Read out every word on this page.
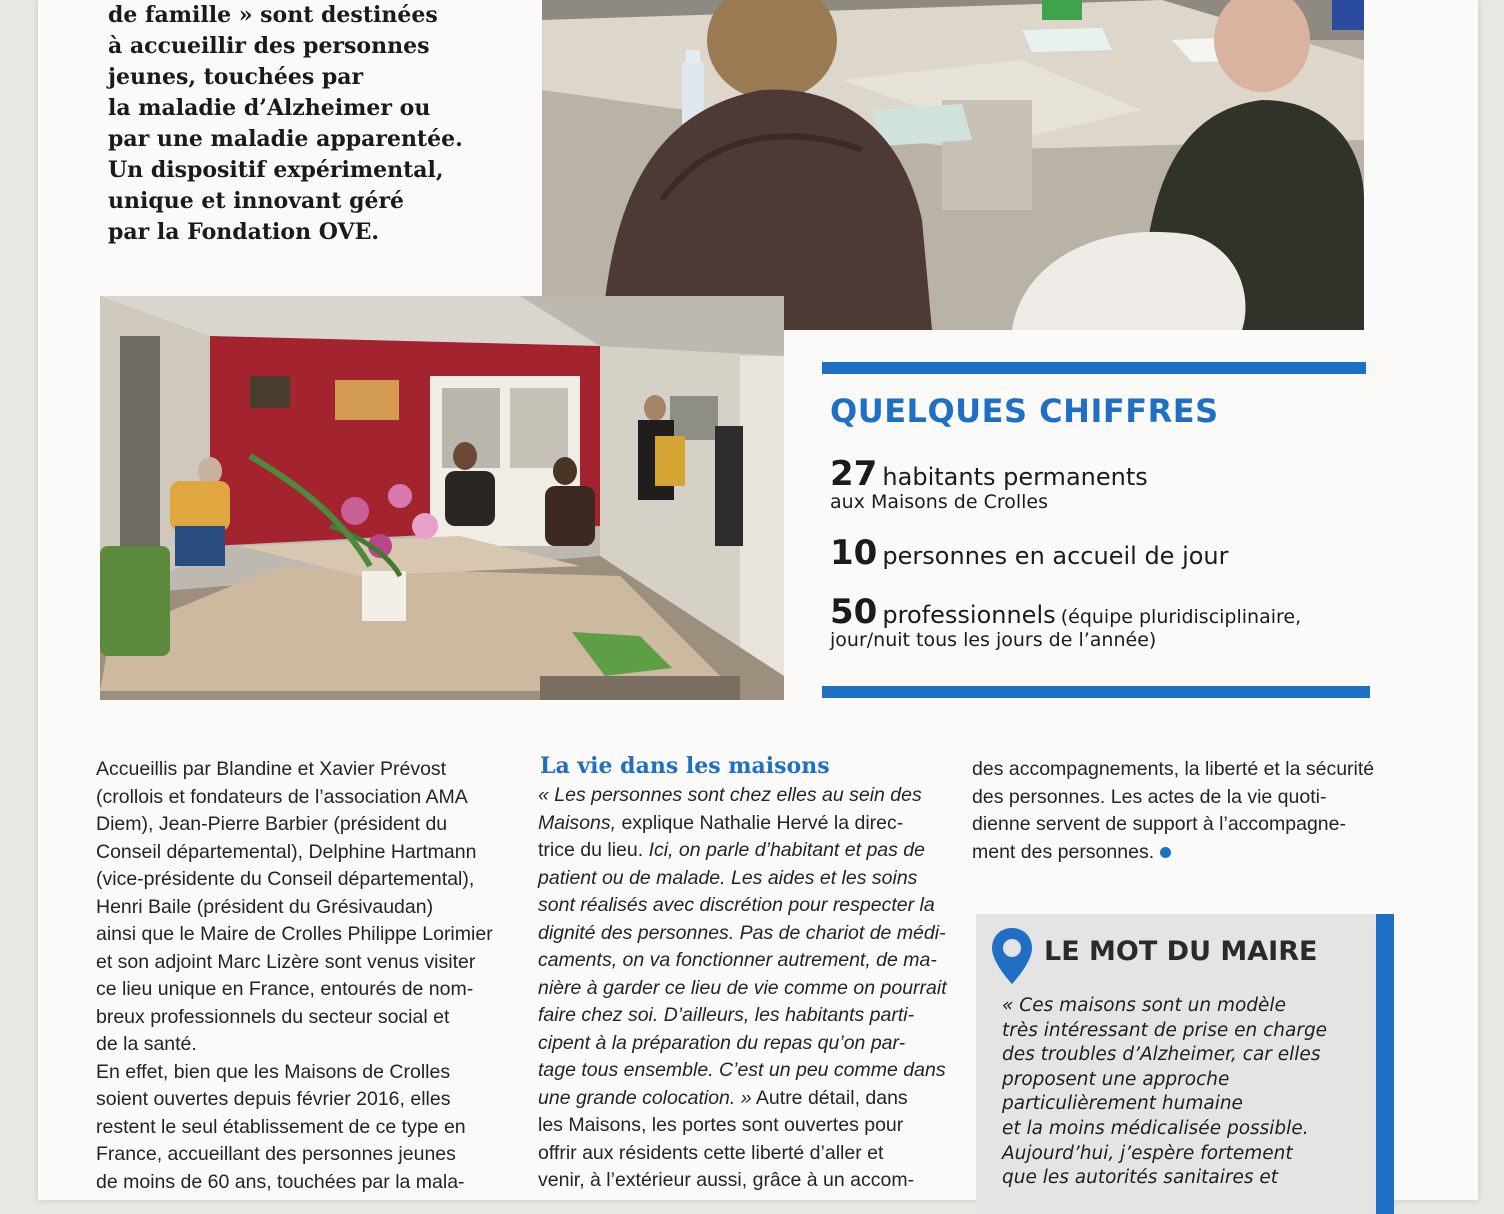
de famille » sont destinées
à accueillir des personnes
jeunes, touchées par
la maladie d’Alzheimer ou
par une maladie apparentée.
Un dispositif expérimental,
unique et innovant géré
par la Fondation OVE.
QUELQUES CHIFFRES
27 habitants permanents
aux Maisons de Crolles
10 personnes en accueil de jour
50 professionnels (équipe pluridisciplinaire,
jour/nuit tous les jours de l’année)
Accueillis par Blandine et Xavier Prévost
(crollois et fondateurs de l’association AMA
Diem), Jean-Pierre Barbier (président du
Conseil départemental), Delphine Hartmann
(vice-présidente du Conseil départemental),
Henri Baile (président du Grésivaudan)
ainsi que le Maire de Crolles Philippe Lorimier
et son adjoint Marc Lizère sont venus visiter
ce lieu unique en France, entourés de nom-
breux professionnels du secteur social et
de la santé.
En effet, bien que les Maisons de Crolles
soient ouvertes depuis février 2016, elles
restent le seul établissement de ce type en
France, accueillant des personnes jeunes
de moins de 60 ans, touchées par la mala-
La vie dans les maisons
« Les personnes sont chez elles au sein des
Maisons, explique Nathalie Hervé la direc-
trice du lieu. Ici, on parle d’habitant et pas de
patient ou de malade. Les aides et les soins
sont réalisés avec discrétion pour respecter la
dignité des personnes. Pas de chariot de médi-
caments, on va fonctionner autrement, de ma-
nière à garder ce lieu de vie comme on pourrait
faire chez soi. D’ailleurs, les habitants parti-
cipent à la préparation du repas qu’on par-
tage tous ensemble. C’est un peu comme dans
une grande colocation. » Autre détail, dans
les Maisons, les portes sont ouvertes pour
offrir aux résidents cette liberté d’aller et
venir, à l’extérieur aussi, grâce à un accom-
des accompagnements, la liberté et la sécurité
des personnes. Les actes de la vie quoti-
dienne servent de support à l’accompagne-
ment des personnes.
LE MOT DU MAIRE
« Ces maisons sont un modèle
très intéressant de prise en charge
des troubles d’Alzheimer, car elles
proposent une approche
particulièrement humaine
et la moins médicalisée possible.
Aujourd’hui, j’espère fortement
que les autorités sanitaires et
